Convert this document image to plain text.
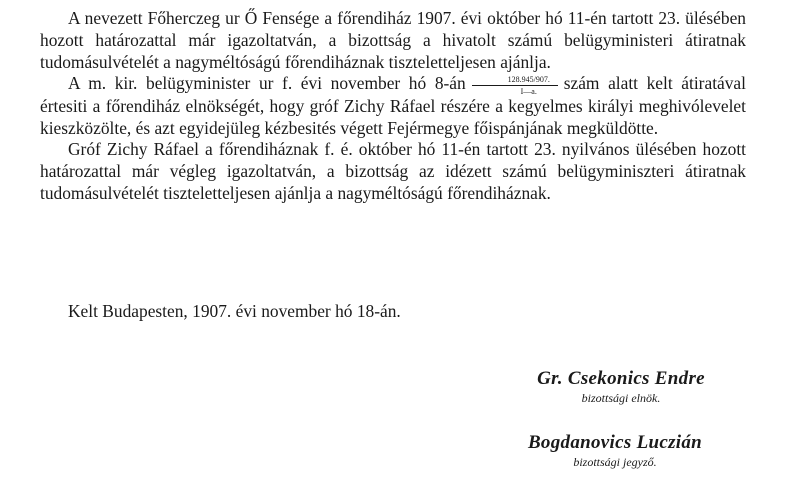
A nevezett Főherczeg ur Ő Fensége a főrendiház 1907. évi október hó 11-én tartott 23. ülésében hozott határozattal már igazoltatván, a bizottság a hivatolt számú belügyministeri átiratnak tudomásulvételét a nagyméltóságú főrendiháznak tiszteletteljesen ajánlja.

A m. kir. belügyminister ur f. évi november hó 8-án $\frac{128.945/907.}{I—a.}$ szám alatt kelt átiratával értesiti a főrendiház elnökségét, hogy gróf Zichy Ráfael részére a kegyelmes királyi meghivólevelet kieszközölte, és azt egyidejüleg kézbesités végett Fejérmegye főispánjának megküldötte.

Gróf Zichy Ráfael a főrendiháznak f. é. október hó 11-én tartott 23. nyilvános ülésében hozott határozattal már végleg igazoltatván, a bizottság az idézett számú belügyminiszteri átiratnak tudomásulvételét tiszteletteljesen ajánlja a nagyméltóságú főrendiháznak.

Kelt Budapesten, 1907. évi november hó 18-án.
Gr. Csekonics Endre
bizottsági elnök.
Bogdanovics Luczián
bizottsági jegyző.
